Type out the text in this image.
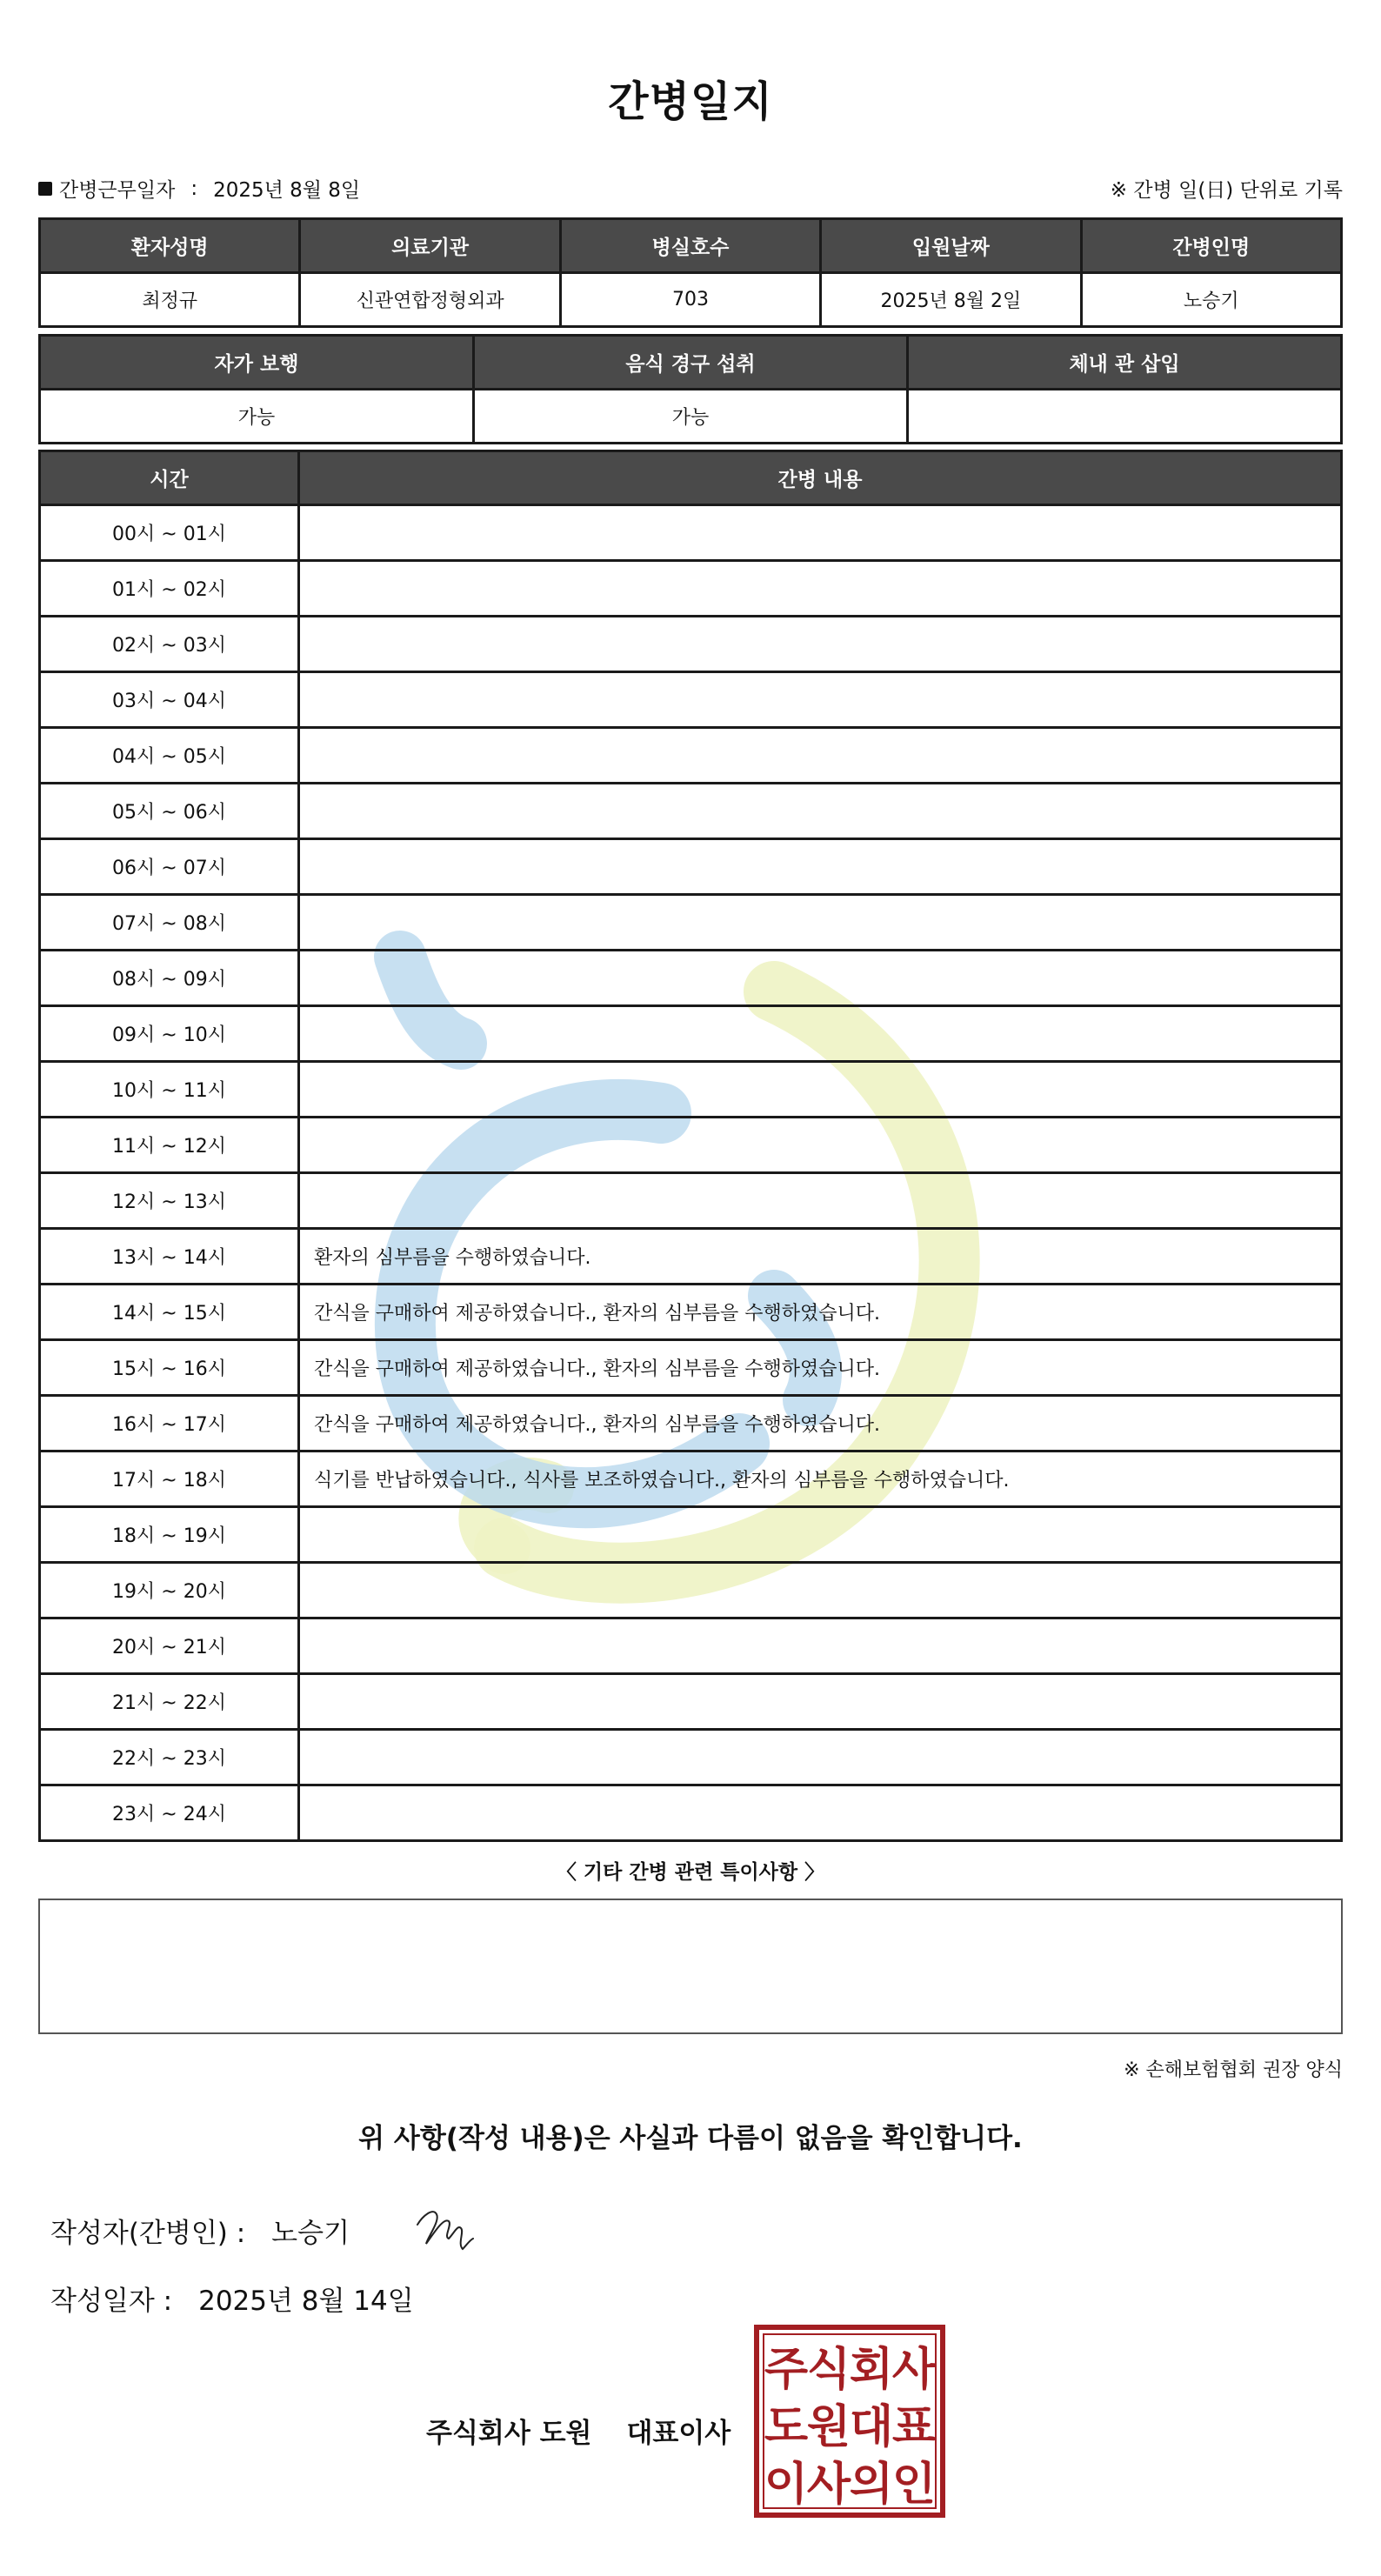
간병일지
간병근무일자 : 2025년 8월 8일	※ 간병 일(日) 단위로 기록
환자성명	의료기관	병실호수	입원날짜	간병인명
최정규	신관연합정형외과	703	2025년 8월 2일	노승기
자가 보행	음식 경구 섭취	체내 관 삽입
가능	가능	
시간	간병 내용
00시 ~ 01시	
01시 ~ 02시	
02시 ~ 03시	
03시 ~ 04시	
04시 ~ 05시	
05시 ~ 06시	
06시 ~ 07시	
07시 ~ 08시	
08시 ~ 09시	
09시 ~ 10시	
10시 ~ 11시	
11시 ~ 12시	
12시 ~ 13시	
13시 ~ 14시	환자의 심부름을 수행하였습니다.
14시 ~ 15시	간식을 구매하여 제공하였습니다., 환자의 심부름을 수행하였습니다.
15시 ~ 16시	간식을 구매하여 제공하였습니다., 환자의 심부름을 수행하였습니다.
16시 ~ 17시	간식을 구매하여 제공하였습니다., 환자의 심부름을 수행하였습니다.
17시 ~ 18시	식기를 반납하였습니다., 식사를 보조하였습니다., 환자의 심부름을 수행하였습니다.
18시 ~ 19시	
19시 ~ 20시	
20시 ~ 21시	
21시 ~ 22시	
22시 ~ 23시	
23시 ~ 24시	
〈 기타 간병 관련 특이사항 〉
※ 손해보험협회 권장 양식
위 사항(작성 내용)은 사실과 다름이 없음을 확인합니다.
작성자(간병인) : 노승기
작성일자 : 2025년 8월 14일
주식회사 도원 대표이사
주
식
회
사
도
원
대
표
이
사
의
인
